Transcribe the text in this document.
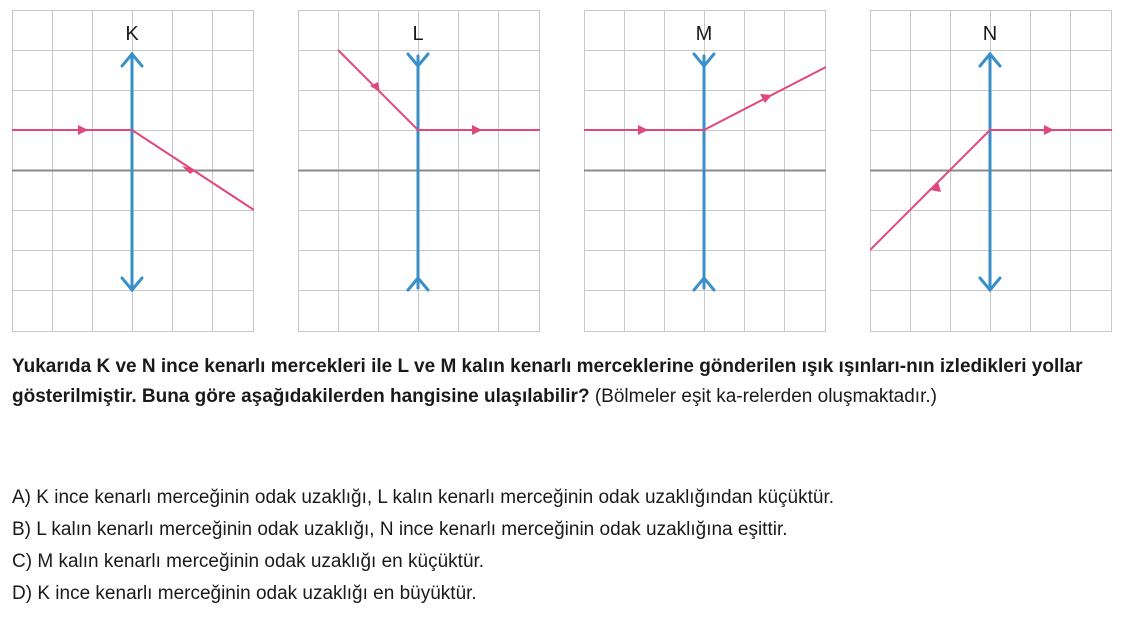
K	L	M	N
Yukarıda K ve N ince kenarlı mercekleri ile L ve M kalın kenarlı merceklerine gönderilen ışık ışınları-nın izledikleri yollar gösterilmiştir. Buna göre aşağıdakilerden hangisine ulaşılabilir? (Bölmeler eşit ka-relerden oluşmaktadır.)
A) K ince kenarlı merceğinin odak uzaklığı, L kalın kenarlı merceğinin odak uzaklığından küçüktür.
B) L kalın kenarlı merceğinin odak uzaklığı, N ince kenarlı merceğinin odak uzaklığına eşittir.
C) M kalın kenarlı merceğinin odak uzaklığı en küçüktür.
D) K ince kenarlı merceğinin odak uzaklığı en büyüktür.
